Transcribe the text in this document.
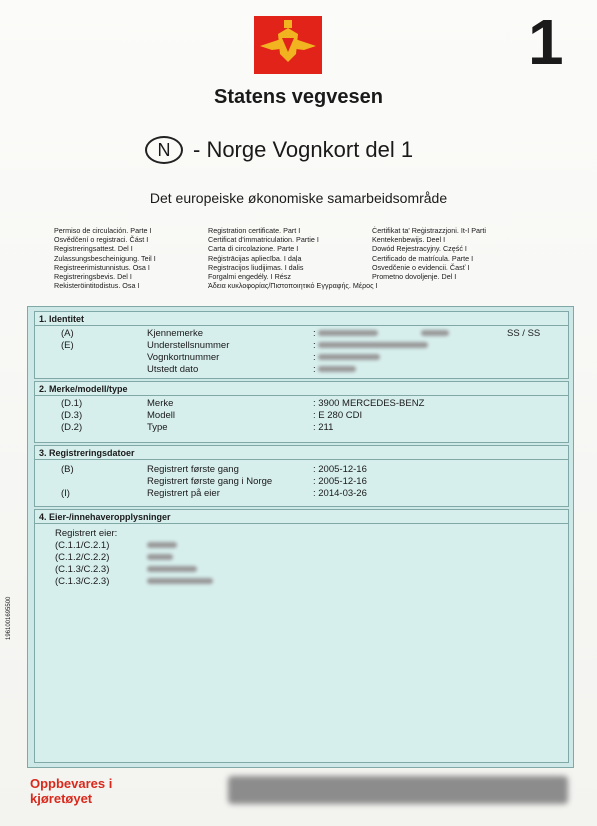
1
Statens vegvesen
N	- Norge Vognkort del 1
Det europeiske økonomiske samarbeidsområde
Permiso de circulación. Parte I
Osvědčení o registraci. Část I
Registreringsattest. Del I
Zulassungsbescheinigung. Teil I
Registreerimistunnistus. Osa I
Registreringsbevis. Del I
Rekisteröintitodistus. Osa I
Registration certificate. Part I
Certificat d'immatriculation. Partie I
Carta di circolazione. Parte I
Reģistrācijas apliecība. I daļa
Registracijos liudijimas. I dalis
Forgalmi engedély. I Rész
Άδεια κυκλοφορίας/Πιστοποιητικό Εγγραφής. Μέρος I
Ċertifikat ta' Reġistrazzjoni. It-I Parti
Kentekenbewijs. Deel I
Dowód Rejestracyjny. Część I
Certificado de matrícula. Parte I
Osvedčenie o evidencii. Časť I
Prometno dovoljenje. Del I
1. Identitet
(A)	Kjennemerke	:	SS / SS
(E)	Understellsnummer	:
Vognkortnummer	:
Utstedt dato	:
2. Merke/modell/type
(D.1)	Merke	: 3900 MERCEDES-BENZ
(D.3)	Modell	: E 280 CDI
(D.2)	Type	: 211
3. Registreringsdatoer
(B)	Registrert første gang	: 2005-12-16
Registrert første gang i Norge	: 2005-12-16
(I)	Registrert på eier	: 2014-03-26
4. Eier-/innehaveropplysninger
Registrert eier:
(C.1.1/C.2.1)
(C.1.2/C.2.2)
(C.1.3/C.2.3)
(C.1.3/C.2.3)
1961001695500
Oppbevares i
kjøretøyet
